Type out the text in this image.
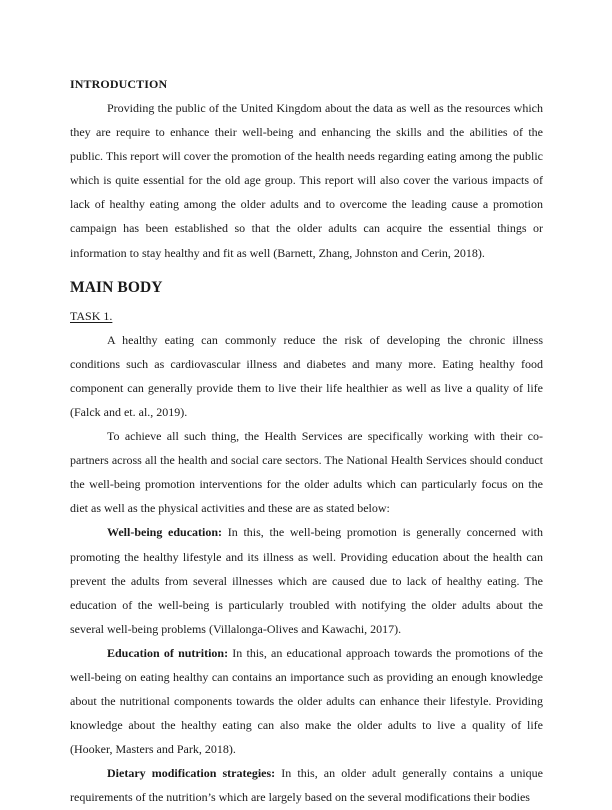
INTRODUCTION

Providing the public of the United Kingdom about the data as well as the resources which they are require to enhance their well-being and enhancing the skills and the abilities of the public. This report will cover the promotion of the health needs regarding eating among the public which is quite essential for the old age group. This report will also cover the various impacts of lack of healthy eating among the older adults and to overcome the leading cause a promotion campaign has been established so that the older adults can acquire the essential things or information to stay healthy and fit as well (Barnett, Zhang, Johnston and Cerin, 2018).

MAIN BODY
TASK 1.

A healthy eating can commonly reduce the risk of developing the chronic illness conditions such as cardiovascular illness and diabetes and many more. Eating healthy food component can generally provide them to live their life healthier as well as live a quality of life (Falck and et. al., 2019).

To achieve all such thing, the Health Services are specifically working with their co-partners across all the health and social care sectors. The National Health Services should conduct the well-being promotion interventions for the older adults which can particularly focus on the diet as well as the physical activities and these are as stated below:

Well-being education: In this, the well-being promotion is generally concerned with promoting the healthy lifestyle and its illness as well. Providing education about the health can prevent the adults from several illnesses which are caused due to lack of healthy eating. The education of the well-being is particularly troubled with notifying the older adults about the several well-being problems (Villalonga-Olives and Kawachi, 2017).

Education of nutrition: In this, an educational approach towards the promotions of the well-being on eating healthy can contains an importance such as providing an enough knowledge about the nutritional components towards the older adults can enhance their lifestyle. Providing knowledge about the healthy eating can also make the older adults to live a quality of life (Hooker, Masters and Park, 2018).

Dietary modification strategies: In this, an older adult generally contains a unique requirements of the nutrition’s which are largely based on the several modifications their bodies
